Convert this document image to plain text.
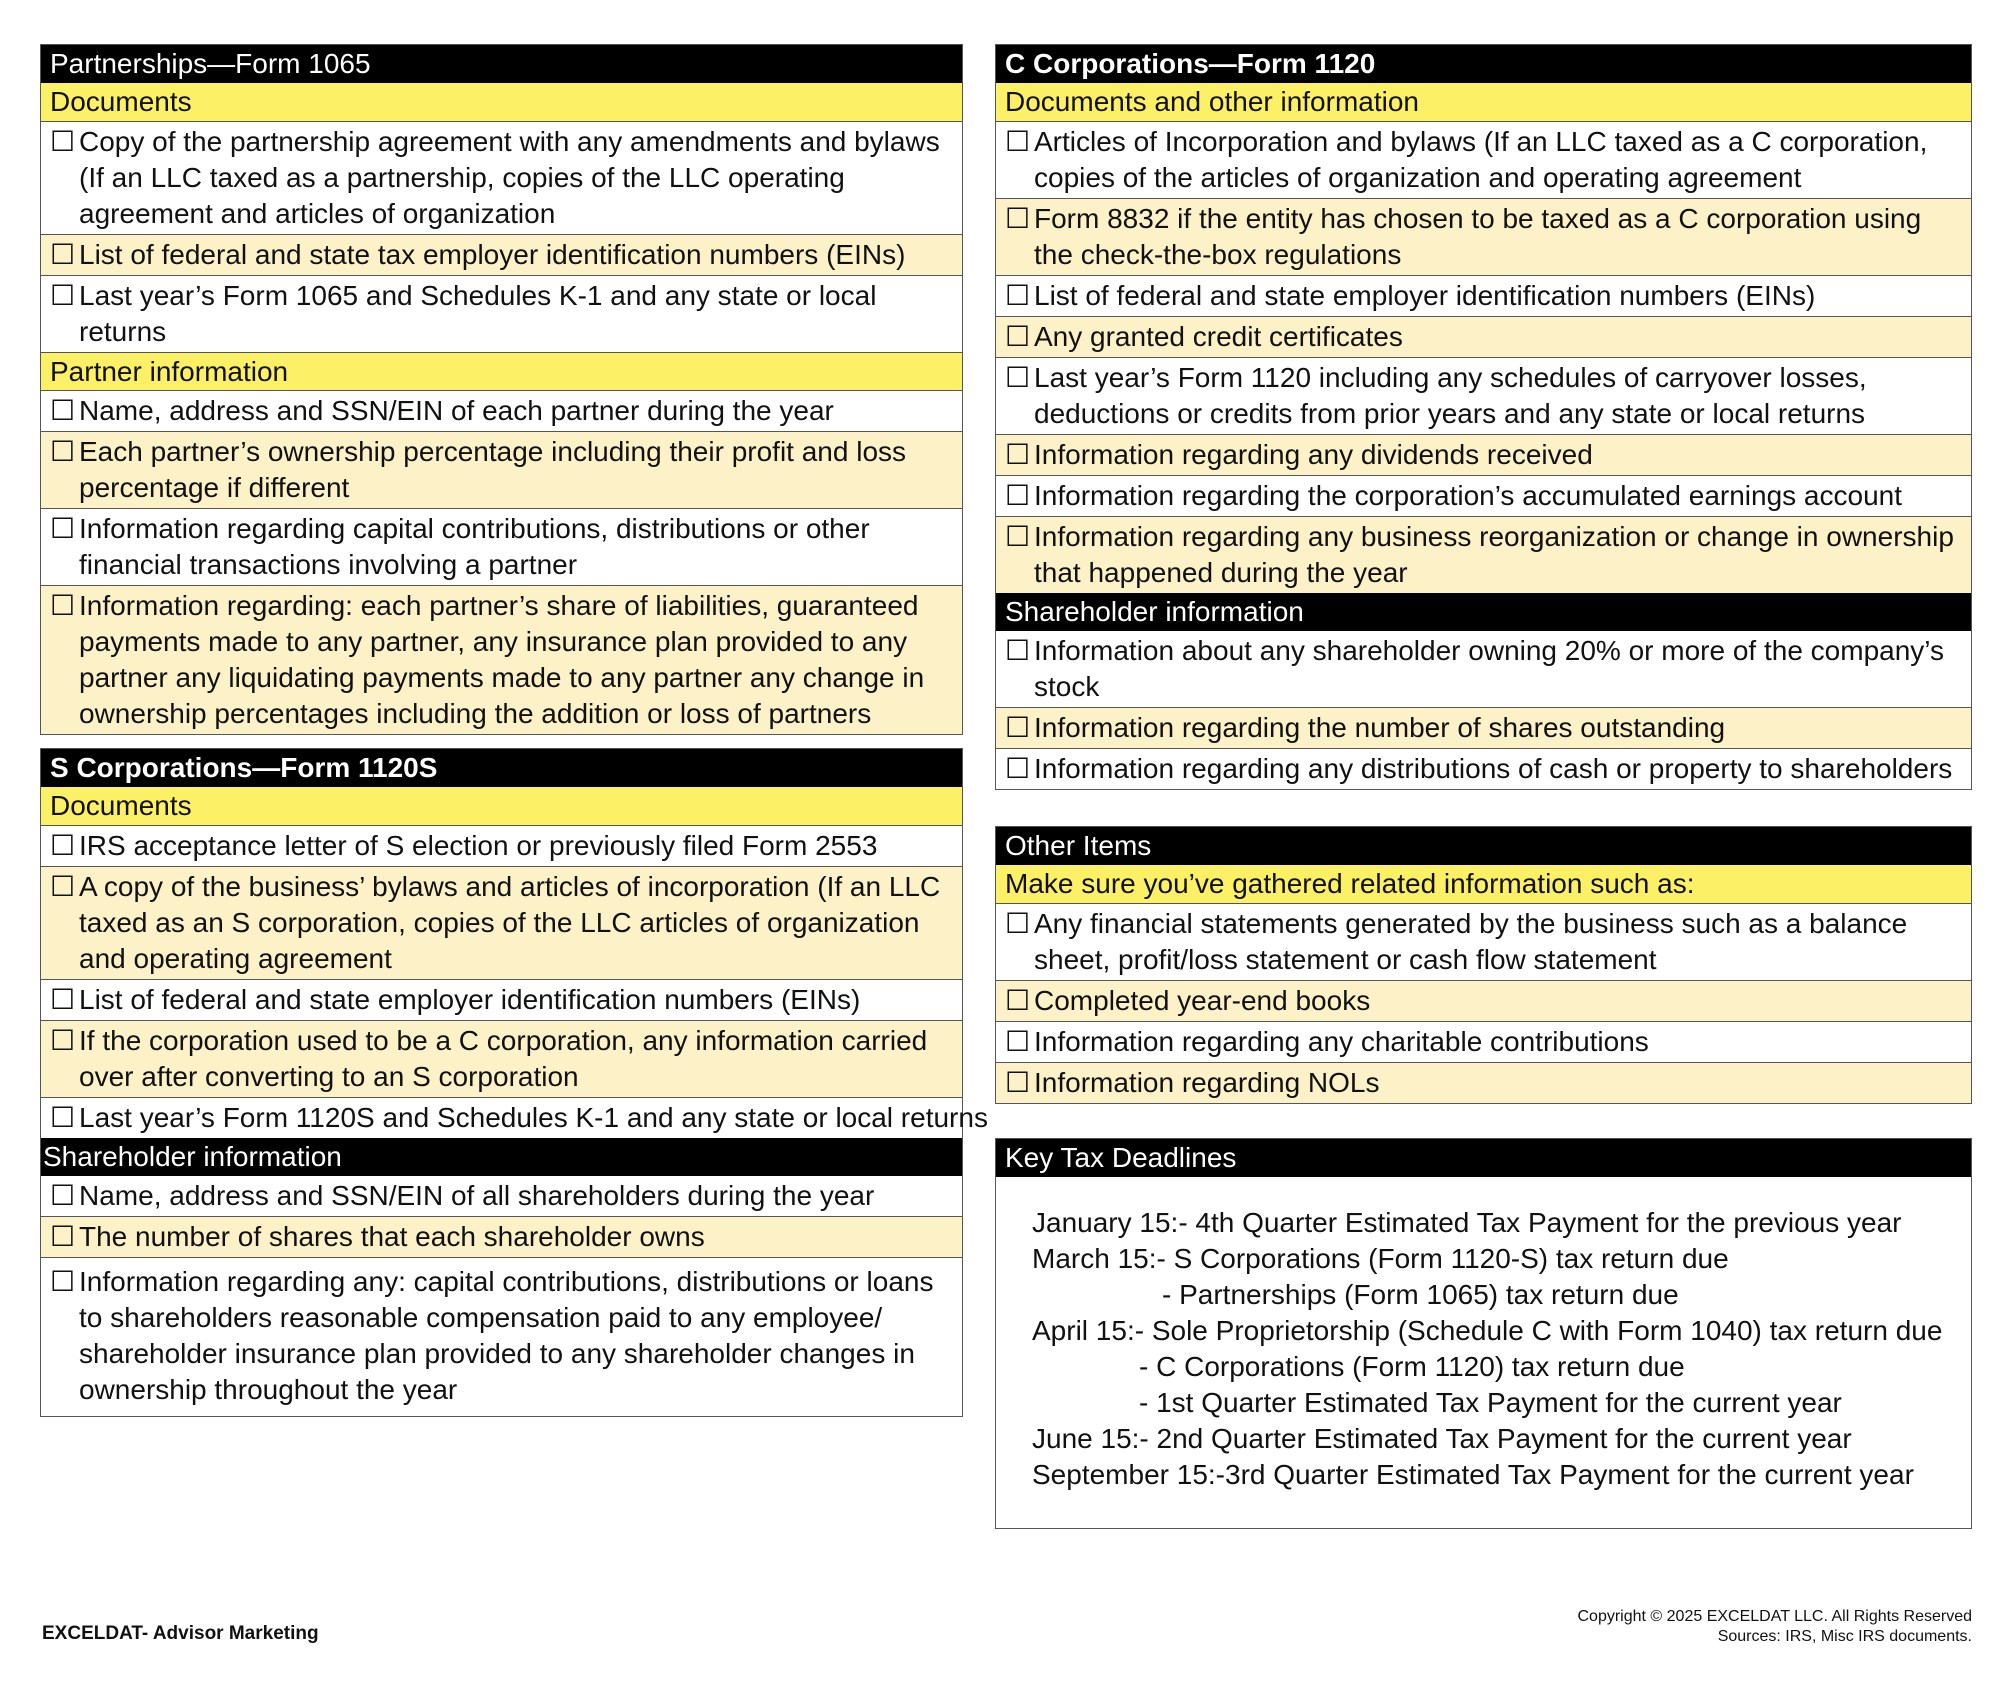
Partnerships—Form 1065
Documents
☐ Copy of the partnership agreement with any amendments and bylaws (If an LLC taxed as a partnership, copies of the LLC operating agreement and articles of organization
☐ List of federal and state tax employer identification numbers (EINs)
☐ Last year’s Form 1065 and Schedules K-1 and any state or local returns
Partner information
☐ Name, address and SSN/EIN of each partner during the year
☐ Each partner’s ownership percentage including their profit and loss percentage if different
☐ Information regarding capital contributions, distributions or other financial transactions involving a partner
☐ Information regarding: each partner’s share of liabilities, guaranteed payments made to any partner, any insurance plan provided to any partner any liquidating payments made to any partner any change in ownership percentages including the addition or loss of partners
S Corporations—Form 1120S
Documents
☐ IRS acceptance letter of S election or previously filed Form 2553
☐ A copy of the business’ bylaws and articles of incorporation (If an LLC taxed as an S corporation, copies of the LLC articles of organization and operating agreement
☐ List of federal and state employer identification numbers (EINs)
☐ If the corporation used to be a C corporation, any information carried over after converting to an S corporation
☐ Last year’s Form 1120S and Schedules K-1 and any state or local returns
Shareholder information
☐ Name, address and SSN/EIN of all shareholders during the year
☐ The number of shares that each shareholder owns
☐ Information regarding any: capital contributions, distributions or loans to shareholders reasonable compensation paid to any employee/ shareholder insurance plan provided to any shareholder changes in ownership throughout the year
C Corporations—Form 1120
Documents and other information
☐ Articles of Incorporation and bylaws (If an LLC taxed as a C corporation, copies of the articles of organization and operating agreement
☐ Form 8832 if the entity has chosen to be taxed as a C corporation using the check-the-box regulations
☐ List of federal and state employer identification numbers (EINs)
☐ Any granted credit certificates
☐ Last year’s Form 1120 including any schedules of carryover losses, deductions or credits from prior years and any state or local returns
☐ Information regarding any dividends received
☐ Information regarding the corporation’s accumulated earnings account
☐ Information regarding any business reorganization or change in ownership that happened during the year
Shareholder information
☐ Information about any shareholder owning 20% or more of the company’s stock
☐ Information regarding the number of shares outstanding
☐ Information regarding any distributions of cash or property to shareholders
Other Items
Make sure you’ve gathered related information such as:
☐ Any financial statements generated by the business such as a balance sheet, profit/loss statement or cash flow statement
☐ Completed year-end books
☐ Information regarding any charitable contributions
☐ Information regarding NOLs
Key Tax Deadlines
January 15: - 4th Quarter Estimated Tax Payment for the previous year
March 15: - S Corporations (Form 1120-S) tax return due
- Partnerships (Form 1065) tax return due
April 15: - Sole Proprietorship (Schedule C with Form 1040) tax return due
- C Corporations (Form 1120) tax return due
- 1st Quarter Estimated Tax Payment for the current year
June 15: - 2nd Quarter Estimated Tax Payment for the current year
September 15: -3rd Quarter Estimated Tax Payment for the current year
EXCELDAT- Advisor Marketing
Copyright © 2025 EXCELDAT LLC. All Rights Reserved
Sources: IRS, Misc IRS documents.
